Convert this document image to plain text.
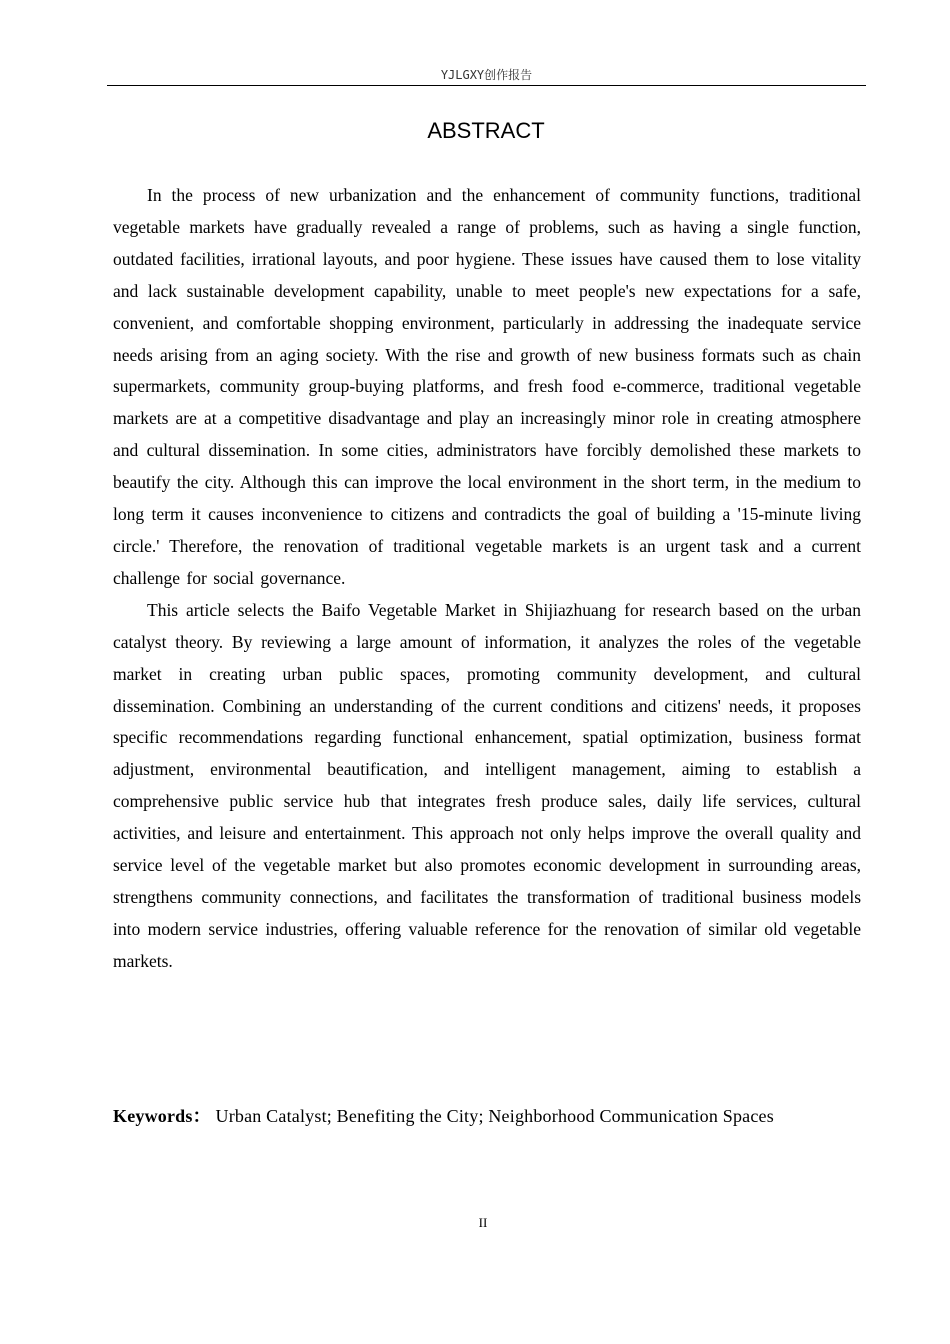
YJLGXY创作报告
ABSTRACT

In the process of new urbanization and the enhancement of community functions, traditional vegetable markets have gradually revealed a range of problems, such as having a single function, outdated facilities, irrational layouts, and poor hygiene. These issues have caused them to lose vitality and lack sustainable development capability, unable to meet people's new expectations for a safe, convenient, and comfortable shopping environment, particularly in addressing the inadequate service needs arising from an aging society. With the rise and growth of new business formats such as chain supermarkets, community group-buying platforms, and fresh food e-commerce, traditional vegetable markets are at a competitive disadvantage and play an increasingly minor role in creating atmosphere and cultural dissemination. In some cities, administrators have forcibly demolished these markets to beautify the city. Although this can improve the local environment in the short term, in the medium to long term it causes inconvenience to citizens and contradicts the goal of building a '15-minute living circle.' Therefore, the renovation of traditional vegetable markets is an urgent task and a current challenge for social governance.

This article selects the Baifo Vegetable Market in Shijiazhuang for research based on the urban catalyst theory. By reviewing a large amount of information, it analyzes the roles of the vegetable market in creating urban public spaces, promoting community development, and cultural dissemination. Combining an understanding of the current conditions and citizens' needs, it proposes specific recommendations regarding functional enhancement, spatial optimization, business format adjustment, environmental beautification, and intelligent management, aiming to establish a comprehensive public service hub that integrates fresh produce sales, daily life services, cultural activities, and leisure and entertainment. This approach not only helps improve the overall quality and service level of the vegetable market but also promotes economic development in surrounding areas, strengthens community connections, and facilitates the transformation of traditional business models into modern service industries, offering valuable reference for the renovation of similar old vegetable markets.

Keywords： Urban Catalyst; Benefiting the City; Neighborhood Communication Spaces
II
